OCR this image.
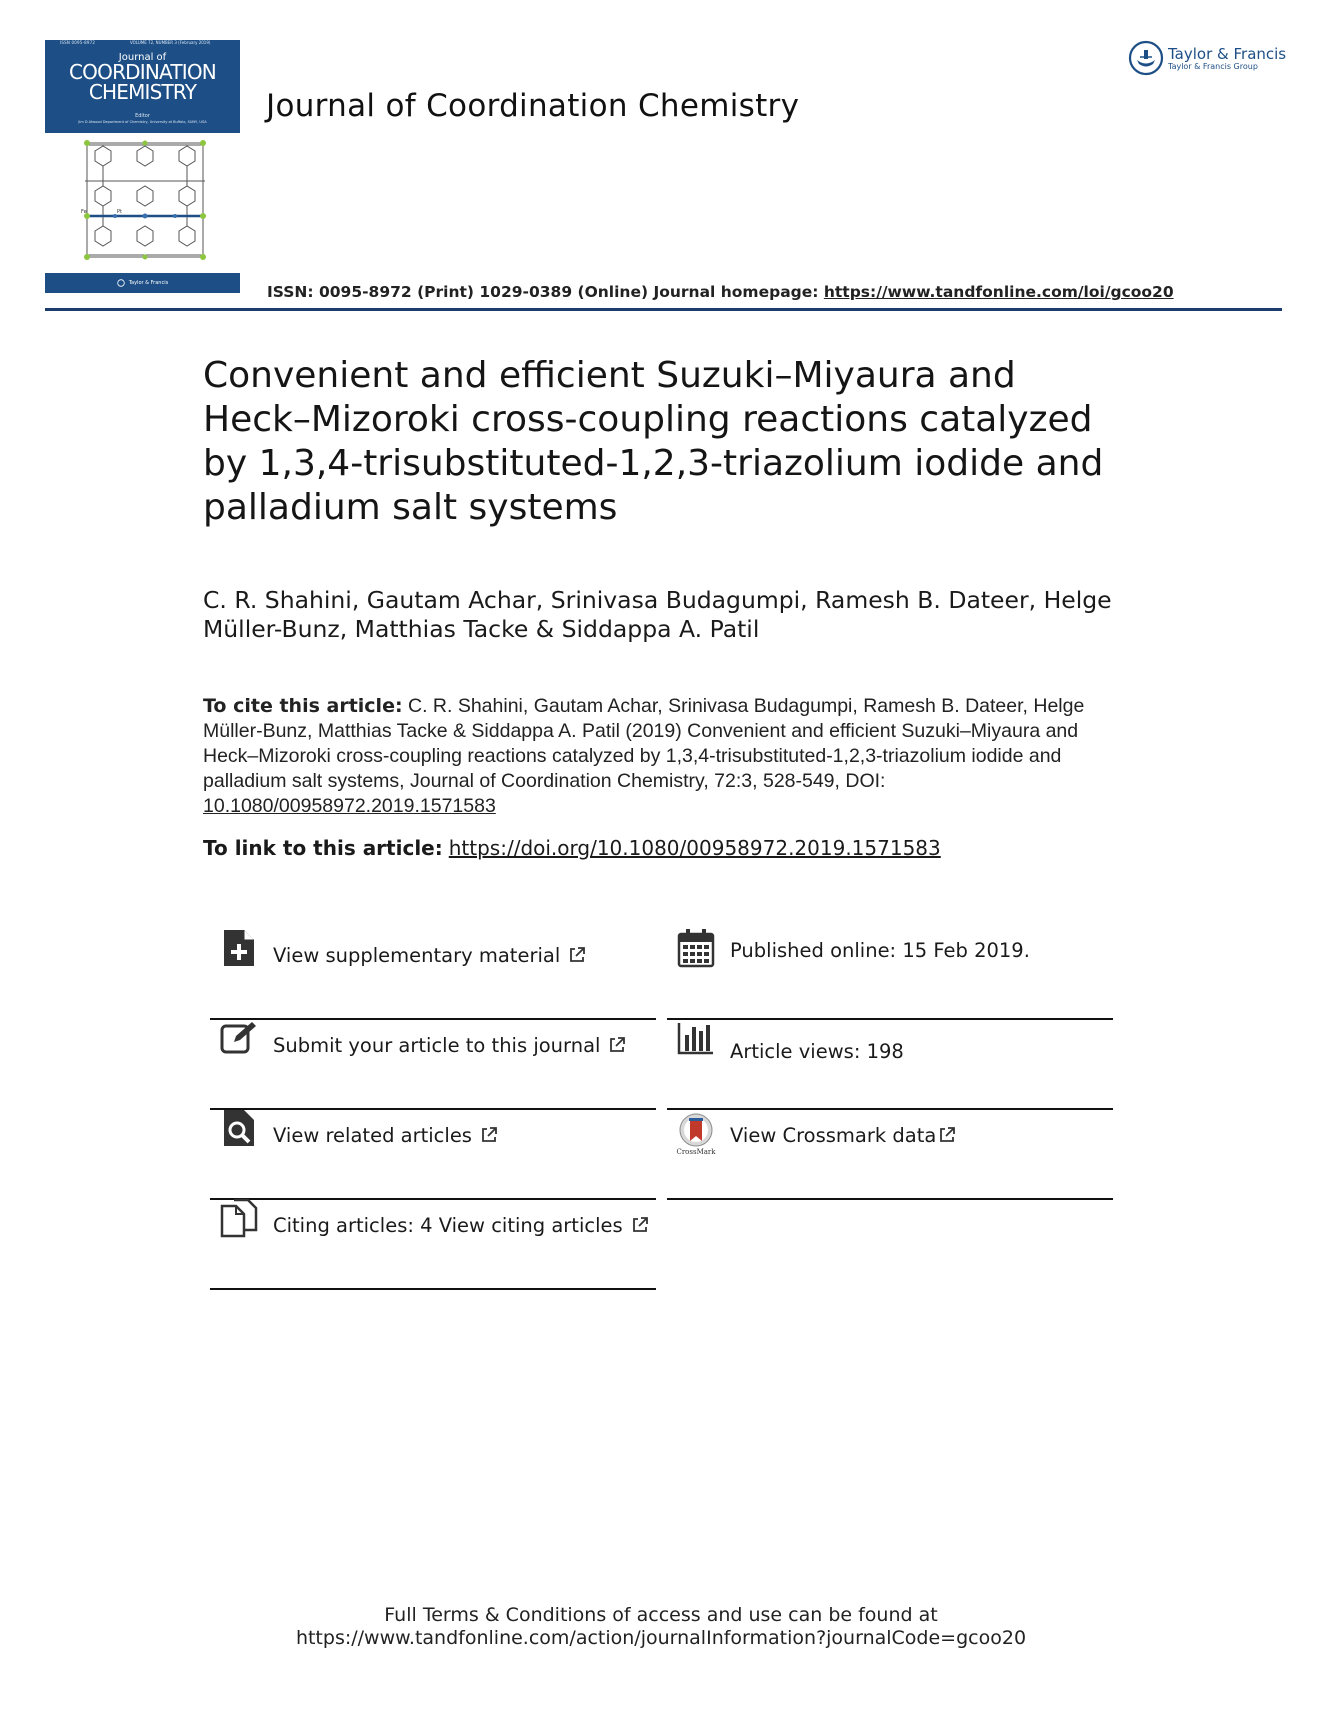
ISSN 0095-8972	VOLUME 72, NUMBER 3 (February 2019)
Journal of
COORDINATION
CHEMISTRY
Editor
Jim D Atwood Department of Chemistry, University at Buffalo, SUNY, USA
Fe	Pt
Taylor & Francis
Journal of Coordination Chemistry
Taylor & Francis
Taylor & Francis Group
ISSN: 0095-8972 (Print) 1029-0389 (Online) Journal homepage: https://www.tandfonline.com/loi/gcoo20
Convenient and efficient Suzuki–Miyaura and Heck–Mizoroki cross-coupling reactions catalyzed by 1,3,4-trisubstituted-1,2,3-triazolium iodide and palladium salt systems
C. R. Shahini, Gautam Achar, Srinivasa Budagumpi, Ramesh B. Dateer, Helge Müller-Bunz, Matthias Tacke & Siddappa A. Patil
To cite this article: C. R. Shahini, Gautam Achar, Srinivasa Budagumpi, Ramesh B. Dateer, Helge Müller-Bunz, Matthias Tacke & Siddappa A. Patil (2019) Convenient and efficient Suzuki–Miyaura and Heck–Mizoroki cross-coupling reactions catalyzed by 1,3,4-trisubstituted-1,2,3-triazolium iodide and palladium salt systems, Journal of Coordination Chemistry, 72:3, 528-549, DOI: 10.1080/00958972.2019.1571583
To link to this article: https://doi.org/10.1080/00958972.2019.1571583
View supplementary material
Submit your article to this journal
View related articles
Citing articles: 4 View citing articles
Published online: 15 Feb 2019.
Article views: 198
CrossMark
View Crossmark data
Full Terms & Conditions of access and use can be found at
https://www.tandfonline.com/action/journalInformation?journalCode=gcoo20
